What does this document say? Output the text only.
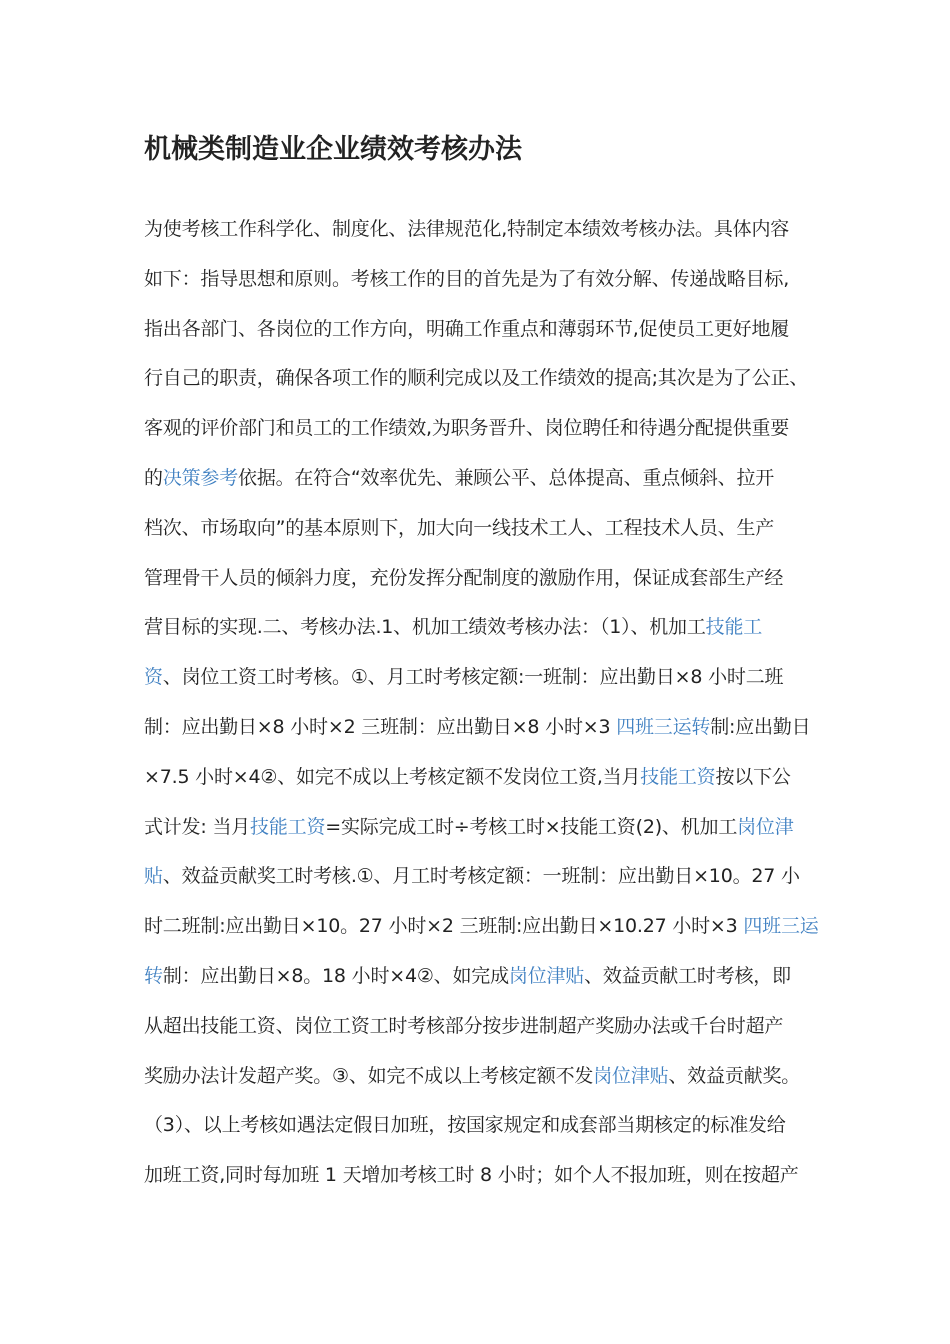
机械类制造业企业绩效考核办法
为使考核工作科学化、制度化、法律规范化,特制定本绩效考核办法。具体内容
如下：指导思想和原则。考核工作的目的首先是为了有效分解、传递战略目标,
指出各部门、各岗位的工作方向，明确工作重点和薄弱环节,促使员工更好地履
行自己的职责，确保各项工作的顺利完成以及工作绩效的提高;其次是为了公正、
客观的评价部门和员工的工作绩效,为职务晋升、岗位聘任和待遇分配提供重要
的决策参考依据。在符合“效率优先、兼顾公平、总体提高、重点倾斜、拉开
档次、市场取向”的基本原则下，加大向一线技术工人、工程技术人员、生产
管理骨干人员的倾斜力度，充份发挥分配制度的激励作用，保证成套部生产经
营目标的实现.二、考核办法.1、机加工绩效考核办法：（1）、机加工技能工
资、岗位工资工时考核。①、月工时考核定额:一班制：应出勤日×8 小时二班
制：应出勤日×8 小时×2 三班制：应出勤日×8 小时×3 四班三运转制:应出勤日
×7.5 小时×4②、如完不成以上考核定额不发岗位工资,当月技能工资按以下公
式计发: 当月技能工资=实际完成工时÷考核工时×技能工资(2)、机加工岗位津
贴、效益贡献奖工时考核.①、月工时考核定额：一班制：应出勤日×10。27 小
时二班制:应出勤日×10。27 小时×2 三班制:应出勤日×10.27 小时×3 四班三运
转制：应出勤日×8。18 小时×4②、如完成岗位津贴、效益贡献工时考核，即
从超出技能工资、岗位工资工时考核部分按步进制超产奖励办法或千台时超产
奖励办法计发超产奖。③、如完不成以上考核定额不发岗位津贴、效益贡献奖。
（3）、以上考核如遇法定假日加班，按国家规定和成套部当期核定的标准发给
加班工资,同时每加班 1 天增加考核工时 8 小时；如个人不报加班，则在按超产
